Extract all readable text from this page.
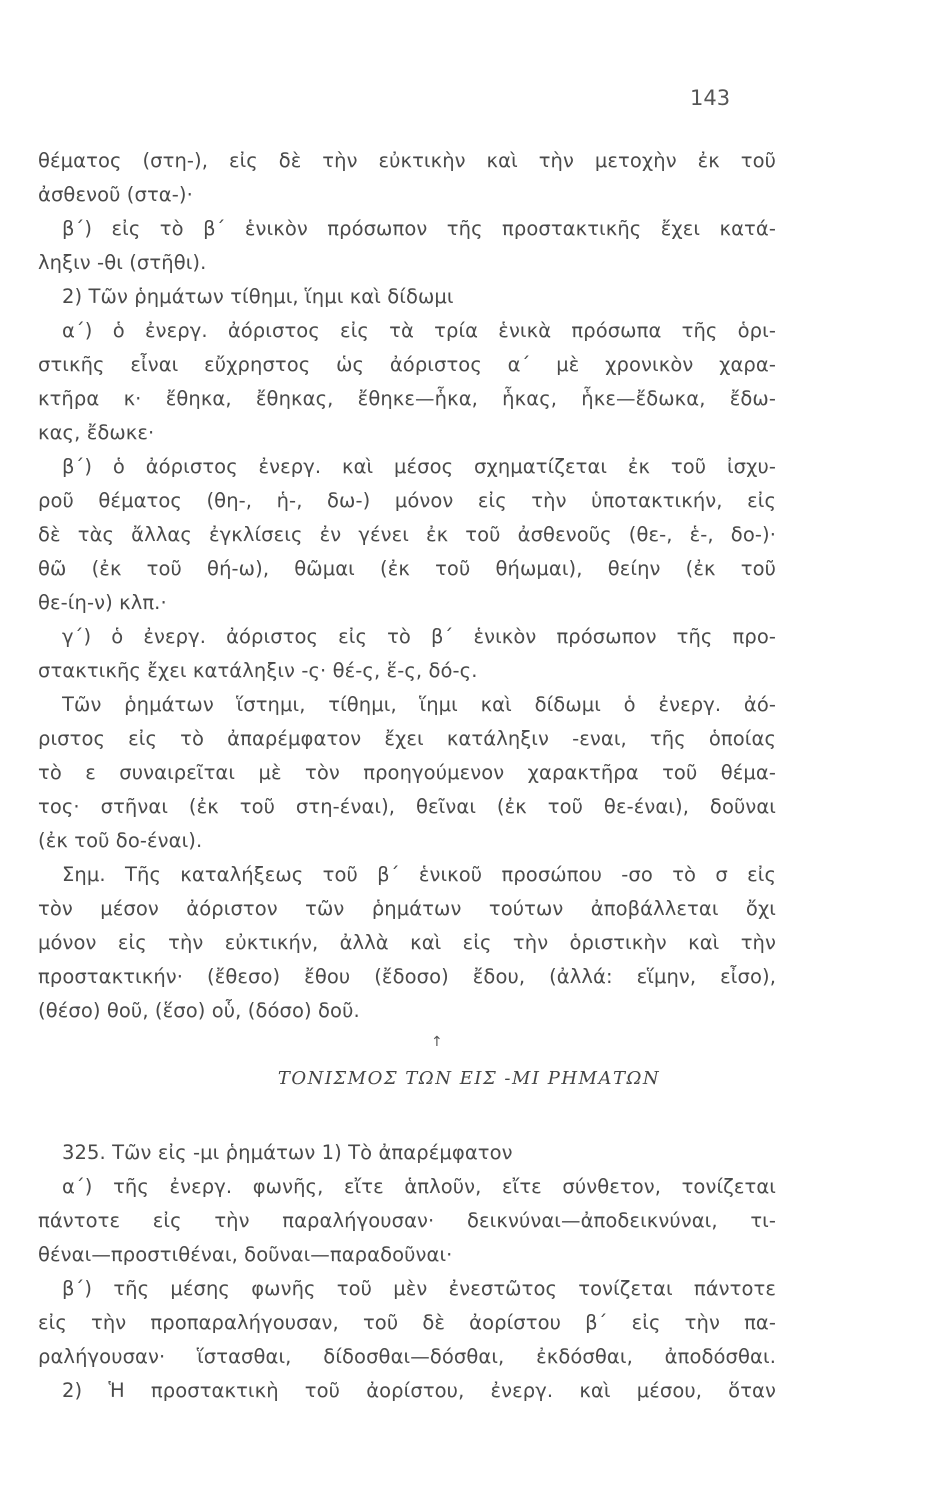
143
θέματος (στη-), εἰς δὲ τὴν εὐκτικὴν καὶ τὴν μετοχὴν ἐκ τοῦ
ἀσθενοῦ (στα-)·
β΄) εἰς τὸ β΄ ἑνικὸν πρόσωπον τῆς προστακτικῆς ἔχει κατά-
ληξιν -θι (στῆθι).
2) Τῶν ῥημάτων τίθημι, ἵημι καὶ δίδωμι
α΄) ὁ ἐνεργ. ἀόριστος εἰς τὰ τρία ἑνικὰ πρόσωπα τῆς ὁρι-
στικῆς εἶναι εὔχρηστος ὡς ἀόριστος α΄ μὲ χρονικὸν χαρα-
κτῆρα κ· ἔθηκα, ἔθηκας, ἔθηκε—ἧκα, ἧκας, ἧκε—ἔδωκα, ἔδω-
κας, ἔδωκε·
β΄) ὁ ἀόριστος ἐνεργ. καὶ μέσος σχηματίζεται ἐκ τοῦ ἰσχυ-
ροῦ θέματος (θη-, ἡ-, δω-) μόνον εἰς τὴν ὑποτακτικήν, εἰς
δὲ τὰς ἄλλας ἐγκλίσεις ἐν γένει ἐκ τοῦ ἀσθενοῦς (θε-, ἑ-, δο-)·
θῶ (ἐκ τοῦ θή-ω), θῶμαι (ἐκ τοῦ θήωμαι), θείην (ἐκ τοῦ
θε-ίη-ν) κλπ.·
γ΄) ὁ ἐνεργ. ἀόριστος εἰς τὸ β΄ ἑνικὸν πρόσωπον τῆς προ-
στακτικῆς ἔχει κατάληξιν -ς· θέ-ς, ἕ-ς, δό-ς.
Τῶν ῥημάτων ἵστημι, τίθημι, ἵημι καὶ δίδωμι ὁ ἐνεργ. ἀό-
ριστος εἰς τὸ ἀπαρέμφατον ἔχει κατάληξιν -εναι, τῆς ὁποίας
τὸ ε συναιρεῖται μὲ τὸν προηγούμενον χαρακτῆρα τοῦ θέμα-
τος· στῆναι (ἐκ τοῦ στη-έναι), θεῖναι (ἐκ τοῦ θε-έναι), δοῦναι
(ἐκ τοῦ δο-έναι).
Σημ. Τῆς καταλήξεως τοῦ β΄ ἑνικοῦ προσώπου -σο τὸ σ εἰς
τὸν μέσον ἀόριστον τῶν ῥημάτων τούτων ἀποβάλλεται ὄχι
μόνον εἰς τὴν εὐκτικήν, ἀλλὰ καὶ εἰς τὴν ὁριστικὴν καὶ τὴν
προστακτικήν· (ἔθεσο) ἔθου (ἔδοσο) ἔδου, (ἀλλά: εἵμην, εἶσο),
(θέσο) θοῦ, (ἕσο) οὗ, (δόσο) δοῦ.
↑
ΤΟΝΙΣΜΟΣ ΤΩΝ ΕΙΣ -ΜΙ ΡΗΜΑΤΩΝ
325. Τῶν εἰς -μι ῥημάτων 1) Τὸ ἀπαρέμφατον
α΄) τῆς ἐνεργ. φωνῆς, εἴτε ἁπλοῦν, εἴτε σύνθετον, τονίζεται
πάντοτε εἰς τὴν παραλήγουσαν· δεικνύναι—ἀποδεικνύναι, τι-
θέναι—προστιθέναι, δοῦναι—παραδοῦναι·
β΄) τῆς μέσης φωνῆς τοῦ μὲν ἐνεστῶτος τονίζεται πάντοτε
εἰς τὴν προπαραλήγουσαν, τοῦ δὲ ἀορίστου β΄ εἰς τὴν πα-
ραλήγουσαν· ἵστασθαι, δίδοσθαι—δόσθαι, ἐκδόσθαι, ἀποδόσθαι.
2) Ἡ προστακτικὴ τοῦ ἀορίστου, ἐνεργ. καὶ μέσου, ὅταν
